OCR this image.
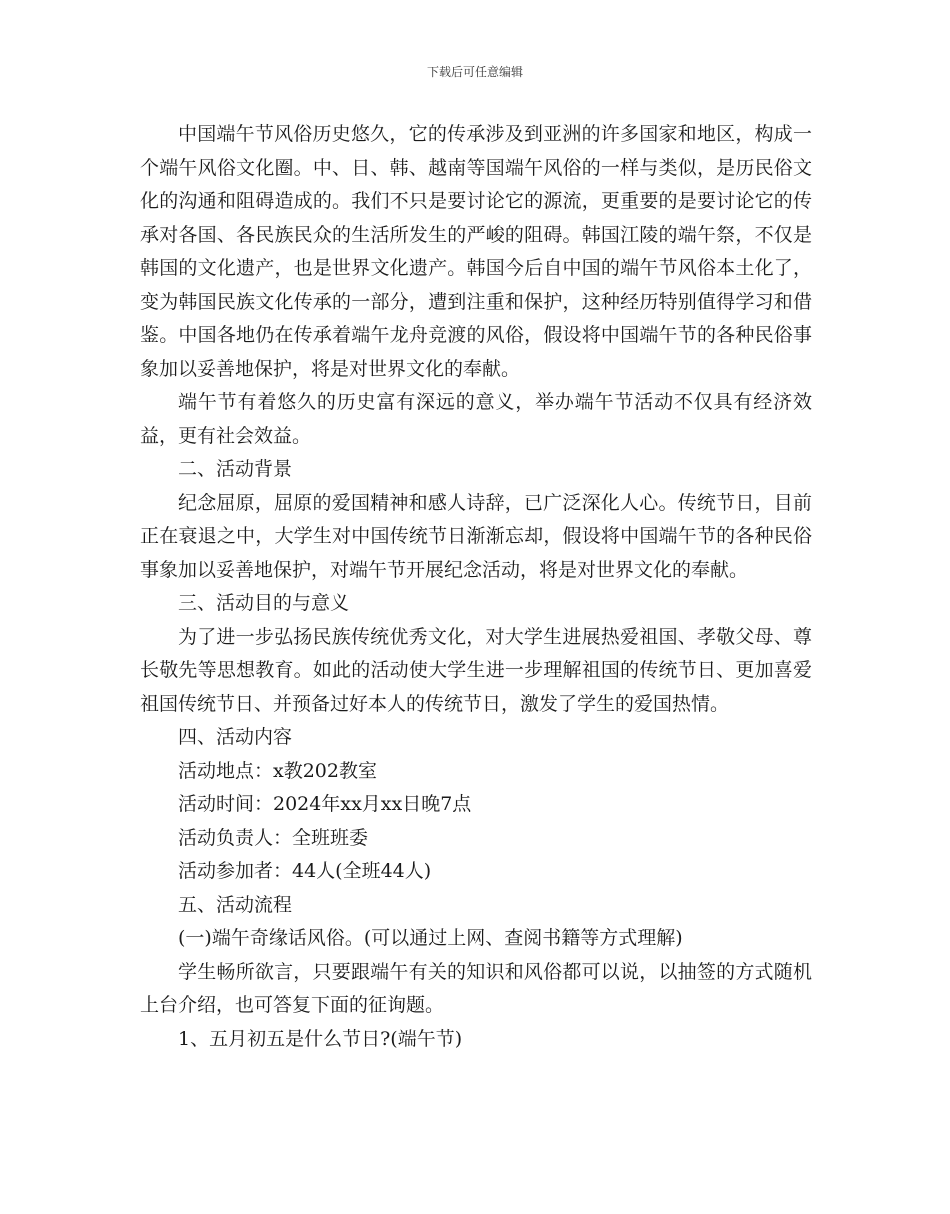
下载后可任意编辑

中国端午节风俗历史悠久，它的传承涉及到亚洲的许多国家和地区，构成一个端午风俗文化圈。中、日、韩、越南等国端午风俗的一样与类似，是历民俗文化的沟通和阻碍造成的。我们不只是要讨论它的源流，更重要的是要讨论它的传承对各国、各民族民众的生活所发生的严峻的阻碍。韩国江陵的端午祭，不仅是韩国的文化遗产，也是世界文化遗产。韩国今后自中国的端午节风俗本土化了，变为韩国民族文化传承的一部分，遭到注重和保护，这种经历特别值得学习和借鉴。中国各地仍在传承着端午龙舟竞渡的风俗，假设将中国端午节的各种民俗事象加以妥善地保护，将是对世界文化的奉献。

端午节有着悠久的历史富有深远的意义，举办端午节活动不仅具有经济效益，更有社会效益。

二、活动背景

纪念屈原，屈原的爱国精神和感人诗辞，已广泛深化人心。传统节日，目前正在衰退之中，大学生对中国传统节日渐渐忘却，假设将中国端午节的各种民俗事象加以妥善地保护，对端午节开展纪念活动，将是对世界文化的奉献。

三、活动目的与意义

为了进一步弘扬民族传统优秀文化，对大学生进展热爱祖国、孝敬父母、尊长敬先等思想教育。如此的活动使大学生进一步理解祖国的传统节日、更加喜爱祖国传统节日、并预备过好本人的传统节日，激发了学生的爱国热情。

四、活动内容

活动地点：x教202教室

活动时间：2024年xx月xx日晚7点

活动负责人：全班班委

活动参加者：44人(全班44人)

五、活动流程

(一)端午奇缘话风俗。(可以通过上网、查阅书籍等方式理解)

学生畅所欲言，只要跟端午有关的知识和风俗都可以说，以抽签的方式随机上台介绍，也可答复下面的征询题。

1、五月初五是什么节日?(端午节)
